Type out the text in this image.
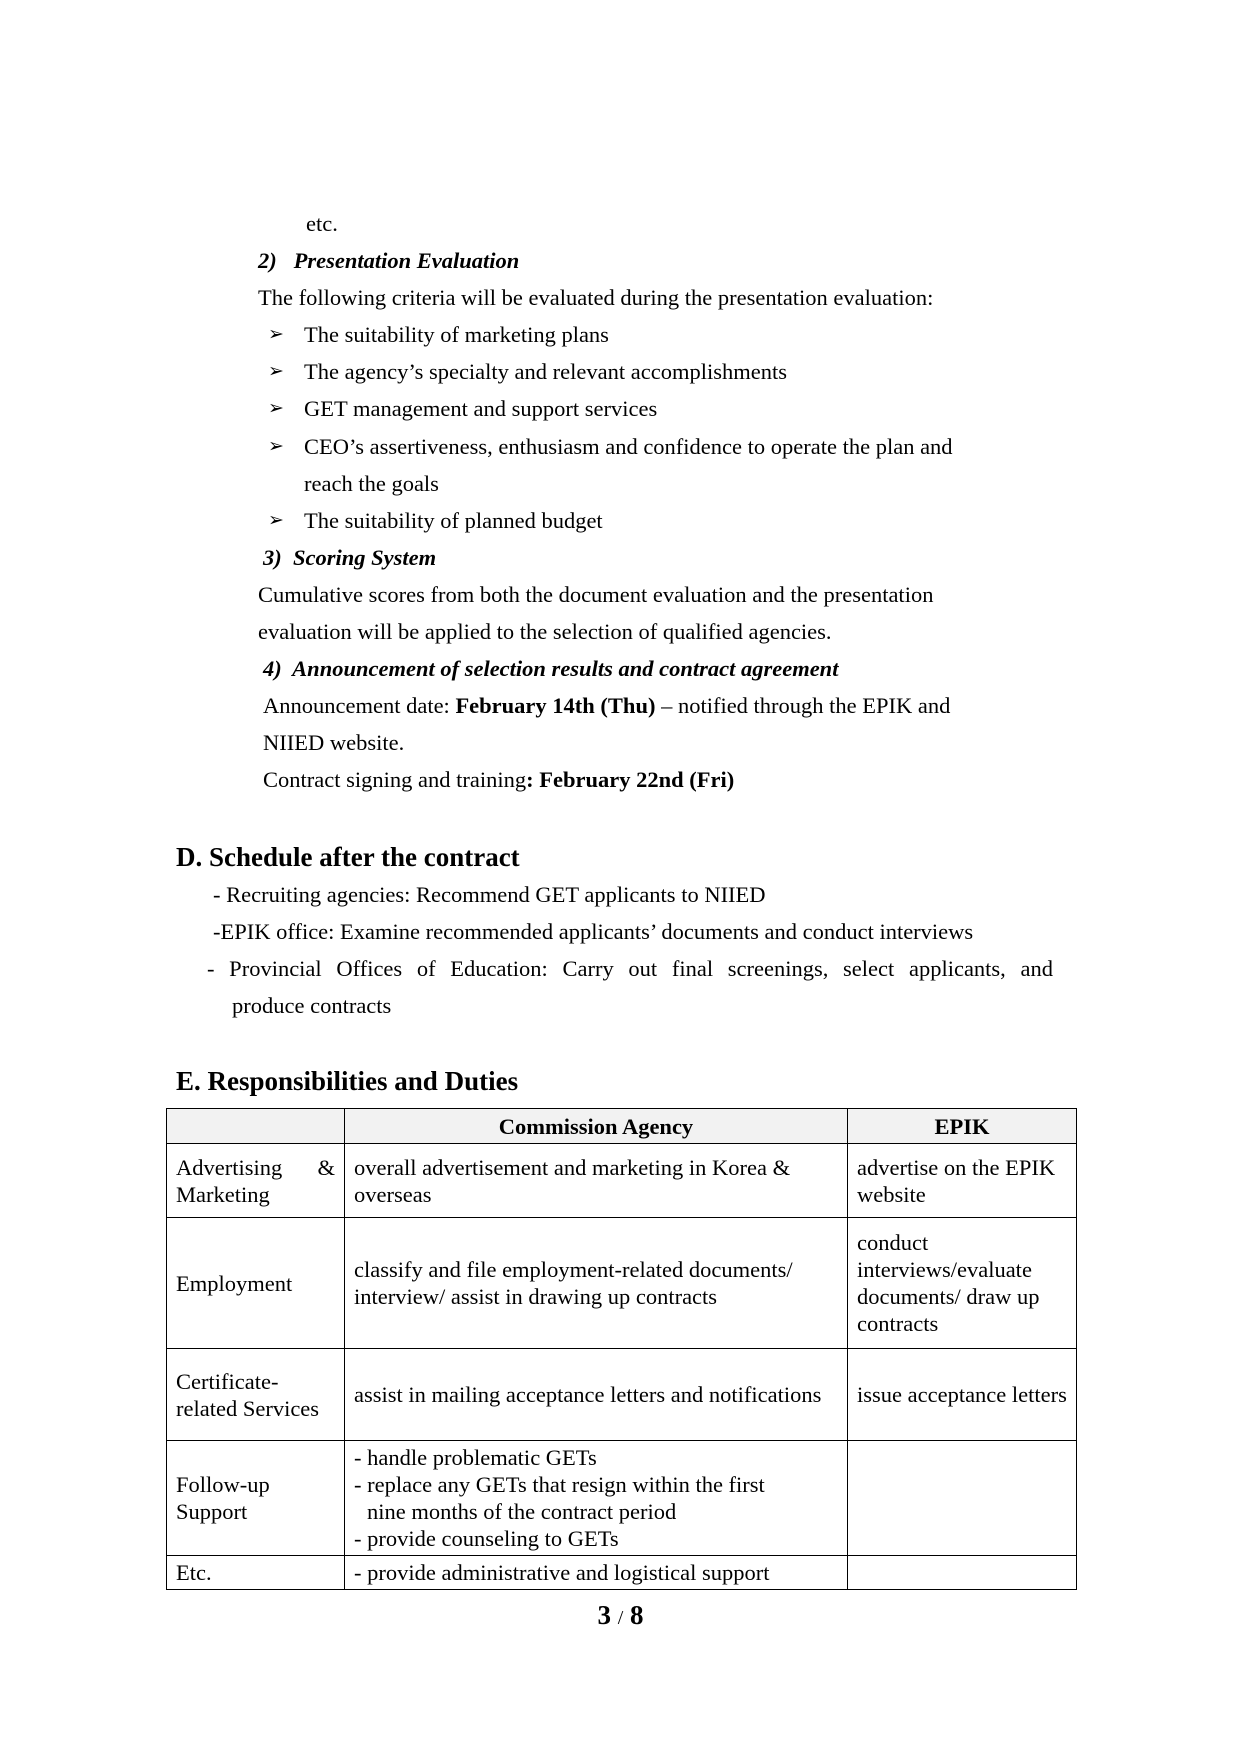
etc.
2) Presentation Evaluation
The following criteria will be evaluated during the presentation evaluation:
➢ The suitability of marketing plans
➢ The agency’s specialty and relevant accomplishments
➢ GET management and support services
➢ CEO’s assertiveness, enthusiasm and confidence to operate the plan and
reach the goals
➢ The suitability of planned budget
3) Scoring System
Cumulative scores from both the document evaluation and the presentation
evaluation will be applied to the selection of qualified agencies.
4) Announcement of selection results and contract agreement
Announcement date: February 14th (Thu) – notified through the EPIK and
NIIED website.
Contract signing and training: February 22nd (Fri)
D. Schedule after the contract
- Recruiting agencies: Recommend GET applicants to NIIED
-EPIK office: Examine recommended applicants’ documents and conduct interviews
- Provincial Offices of Education: Carry out final screenings, select applicants, and
produce contracts
E. Responsibilities and Duties
	Commission Agency	EPIK
Advertising & Marketing	overall advertisement and marketing in Korea & overseas	advertise on the EPIK website
Employment	classify and file employment-related documents/ interview/ assist in drawing up contracts	conduct interviews/evaluate documents/ draw up contracts
Certificate-related Services	assist in mailing acceptance letters and notifications	issue acceptance letters
Follow-up Support	- handle problematic GETs
- replace any GETs that resign within the first
nine months of the contract period
- provide counseling to GETs	

Etc.	- provide administrative and logistical support	
3 / 8
